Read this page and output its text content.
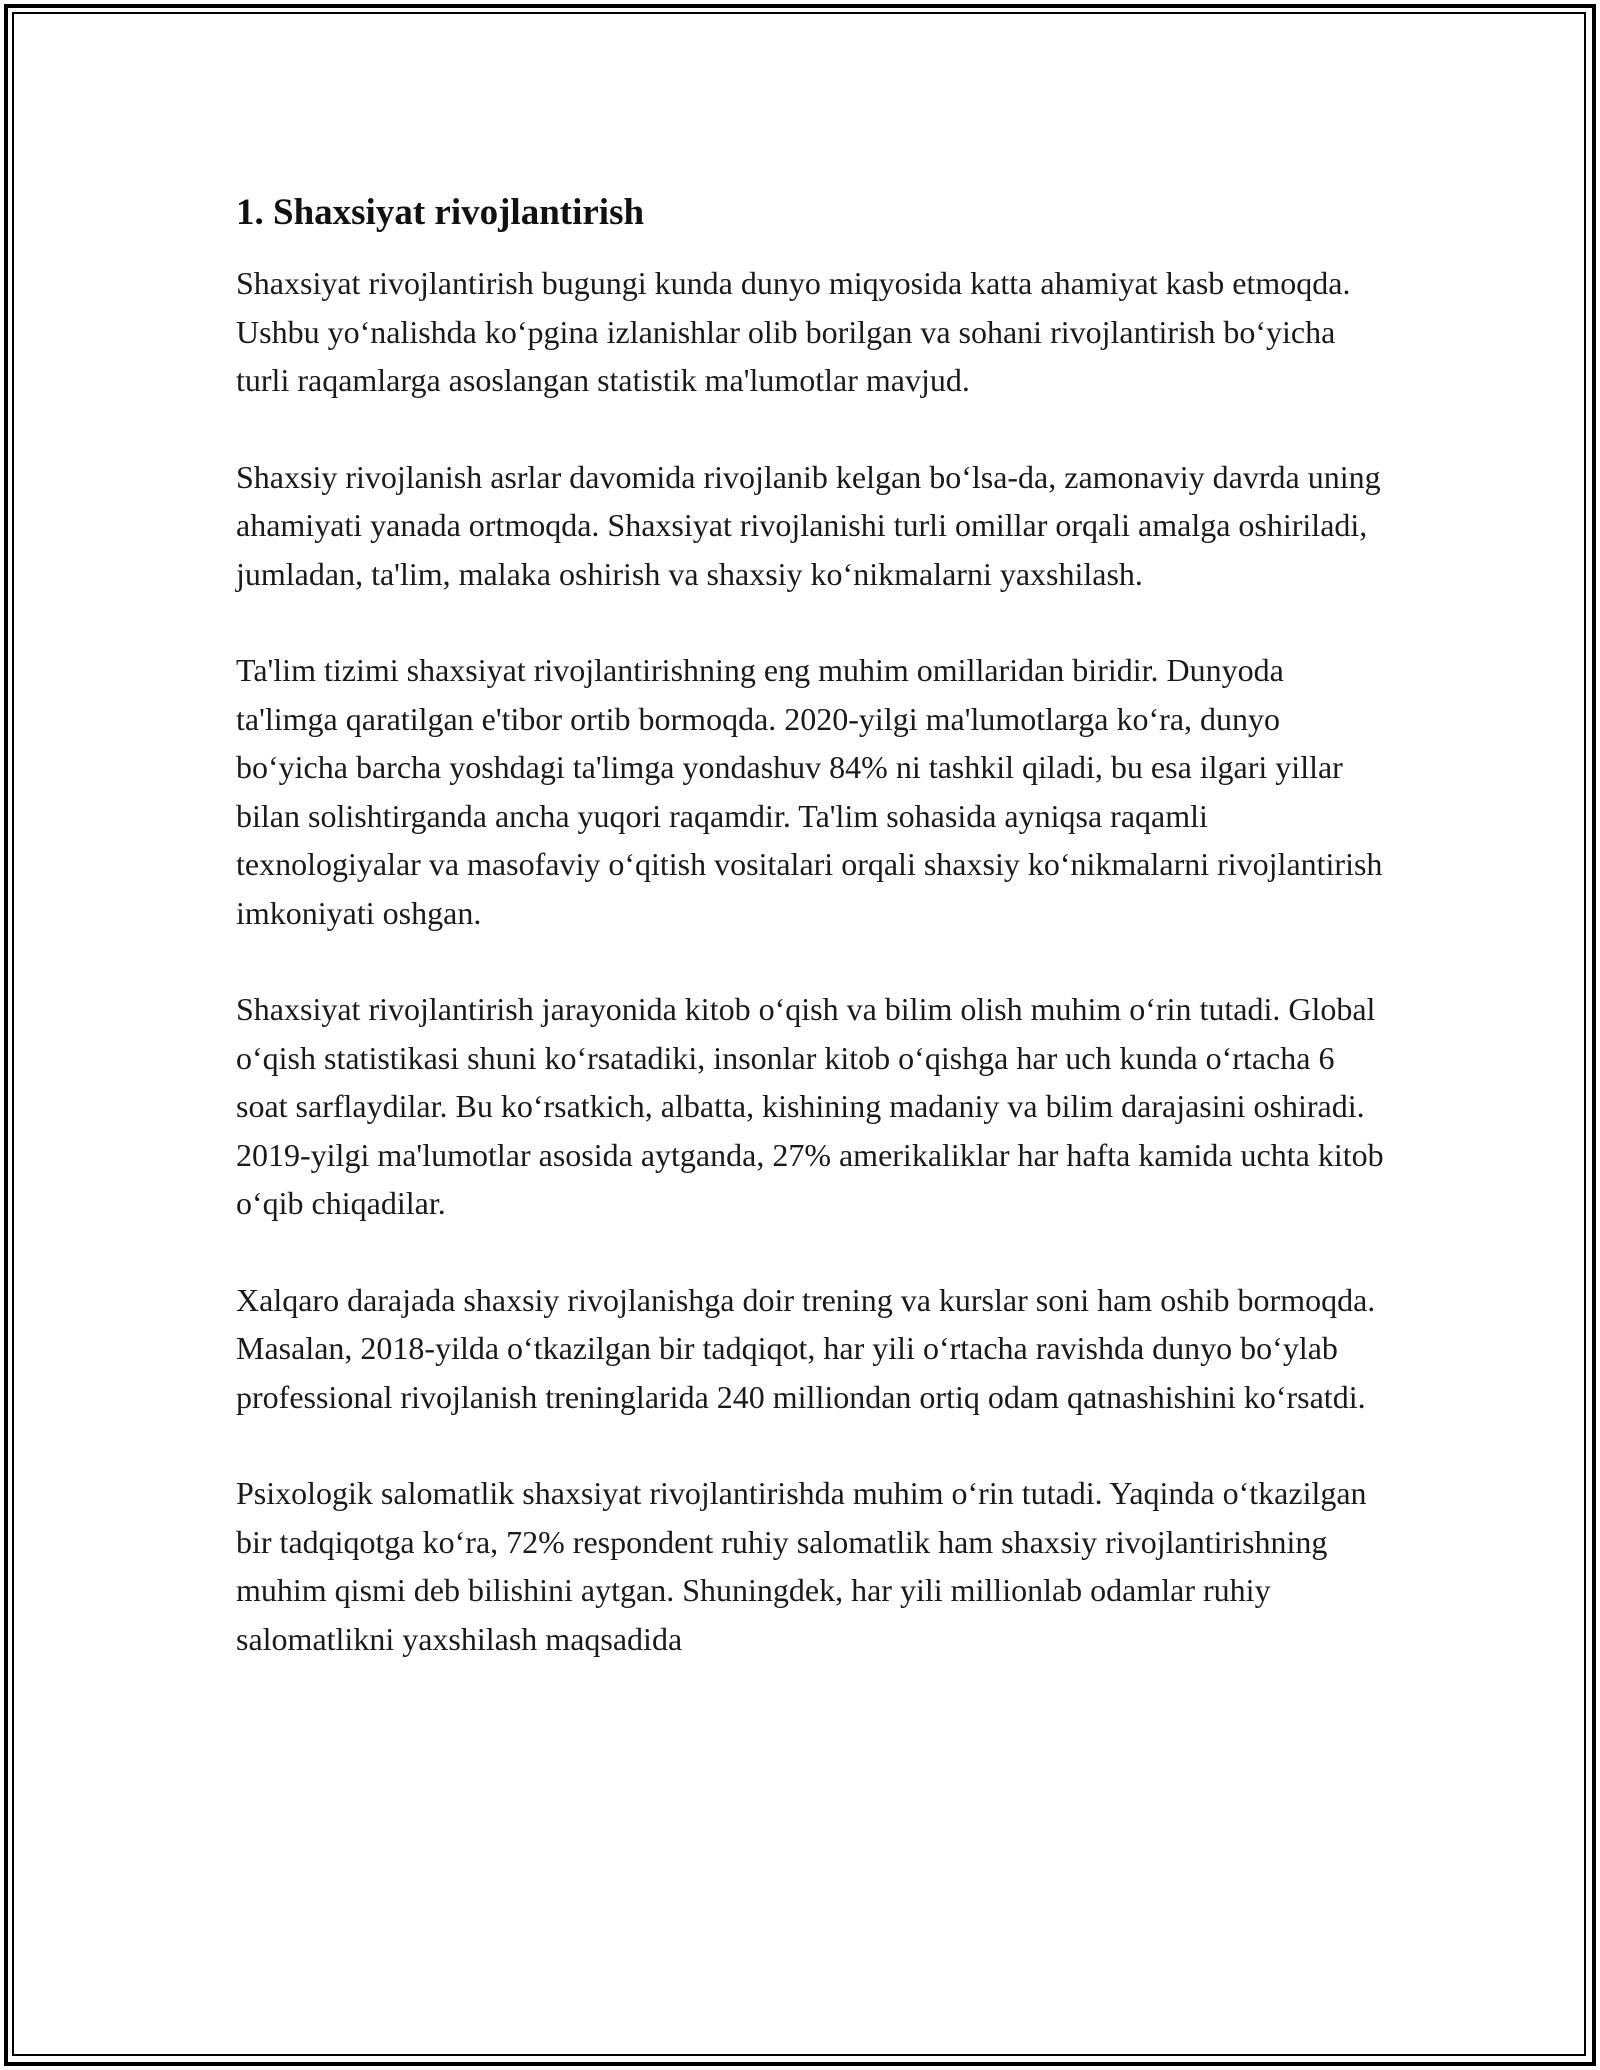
1. Shaxsiyat rivojlantirish

Shaxsiyat rivojlantirish bugungi kunda dunyo miqyosida katta ahamiyat kasb etmoqda. Ushbu yo‘nalishda ko‘pgina izlanishlar olib borilgan va sohani rivojlantirish bo‘yicha turli raqamlarga asoslangan statistik ma'lumotlar mavjud.

Shaxsiy rivojlanish asrlar davomida rivojlanib kelgan bo‘lsa-da, zamonaviy davrda uning ahamiyati yanada ortmoqda. Shaxsiyat rivojlanishi turli omillar orqali amalga oshiriladi, jumladan, ta'lim, malaka oshirish va shaxsiy ko‘nikmalarni yaxshilash.

Ta'lim tizimi shaxsiyat rivojlantirishning eng muhim omillaridan biridir. Dunyoda ta'limga qaratilgan e'tibor ortib bormoqda. 2020-yilgi ma'lumotlarga ko‘ra, dunyo bo‘yicha barcha yoshdagi ta'limga yondashuv 84% ni tashkil qiladi, bu esa ilgari yillar bilan solishtirganda ancha yuqori raqamdir. Ta'lim sohasida ayniqsa raqamli texnologiyalar va masofaviy o‘qitish vositalari orqali shaxsiy ko‘nikmalarni rivojlantirish imkoniyati oshgan.

Shaxsiyat rivojlantirish jarayonida kitob o‘qish va bilim olish muhim o‘rin tutadi. Global o‘qish statistikasi shuni ko‘rsatadiki, insonlar kitob o‘qishga har uch kunda o‘rtacha 6 soat sarflaydilar. Bu ko‘rsatkich, albatta, kishining madaniy va bilim darajasini oshiradi. 2019-yilgi ma'lumotlar asosida aytganda, 27% amerikaliklar har hafta kamida uchta kitob o‘qib chiqadilar.

Xalqaro darajada shaxsiy rivojlanishga doir trening va kurslar soni ham oshib bormoqda. Masalan, 2018-yilda o‘tkazilgan bir tadqiqot, har yili o‘rtacha ravishda dunyo bo‘ylab professional rivojlanish treninglarida 240 milliondan ortiq odam qatnashishini ko‘rsatdi.

Psixologik salomatlik shaxsiyat rivojlantirishda muhim o‘rin tutadi. Yaqinda o‘tkazilgan bir tadqiqotga ko‘ra, 72% respondent ruhiy salomatlik ham shaxsiy rivojlantirishning muhim qismi deb bilishini aytgan. Shuningdek, har yili millionlab odamlar ruhiy salomatlikni yaxshilash maqsadida
